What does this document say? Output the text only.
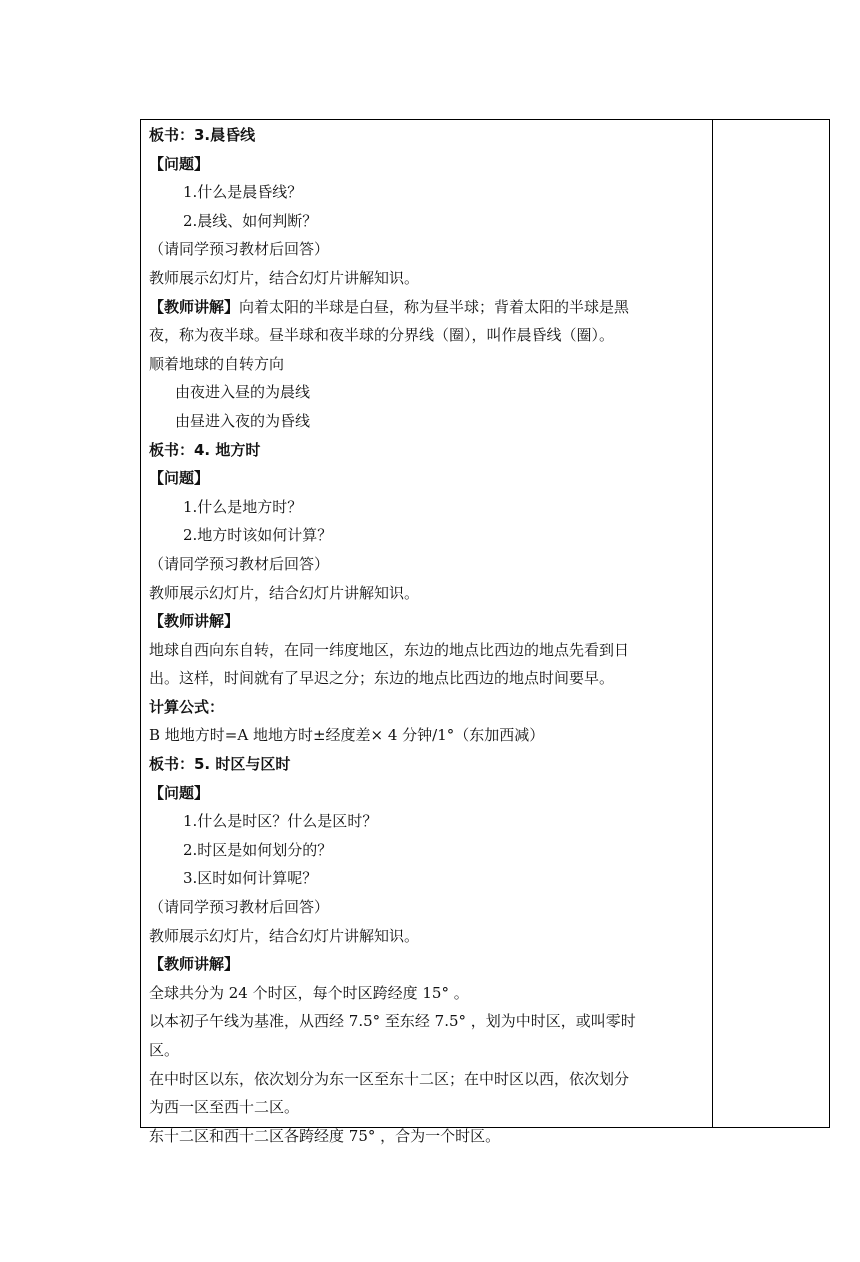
板书：3.晨昏线
【问题】
1.什么是晨昏线？
2.晨线、如何判断？
（请同学预习教材后回答）
教师展示幻灯片，结合幻灯片讲解知识。
【教师讲解】向着太阳的半球是白昼，称为昼半球；背着太阳的半球是黑
夜，称为夜半球。昼半球和夜半球的分界线（圈），叫作晨昏线（圈）。
顺着地球的自转方向
由夜进入昼的为晨线
由昼进入夜的为昏线
板书：4. 地方时
【问题】
1.什么是地方时？
2.地方时该如何计算？
（请同学预习教材后回答）
教师展示幻灯片，结合幻灯片讲解知识。
【教师讲解】
地球自西向东自转，在同一纬度地区，东边的地点比西边的地点先看到日
出。这样，时间就有了早迟之分；东边的地点比西边的地点时间要早。
计算公式：
B 地地方时=A 地地方时±经度差× 4 分钟/1°（东加西减）
板书：5. 时区与区时
【问题】
1.什么是时区？什么是区时？
2.时区是如何划分的？
3.区时如何计算呢？
（请同学预习教材后回答）
教师展示幻灯片，结合幻灯片讲解知识。
【教师讲解】
全球共分为 24 个时区，每个时区跨经度 15° 。
以本初子午线为基准，从西经 7.5° 至东经 7.5° ，划为中时区，或叫零时
区。
在中时区以东，依次划分为东一区至东十二区；在中时区以西，依次划分
为西一区至西十二区。
东十二区和西十二区各跨经度 75° ，合为一个时区。
